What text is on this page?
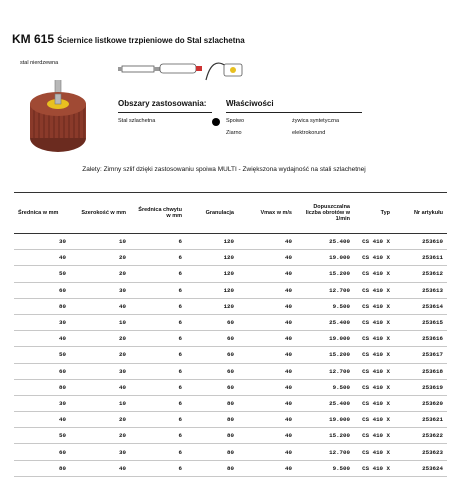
KM 615 Ściernice listkowe trzpieniowe do Stal szlachetna
stal nierdzewna
Obszary zastosowania:
Stal szlachetna
Właściwości
Spoiwo	żywica syntetyczna
Ziarno	elektrokorund
Zalety: Zimny szlif dzięki zastosowaniu spoiwa MULTI - Zwiększona wydajność na stali szlachetnej
Średnica w mm	Szerokość w mm	Średnica chwytu w mm	Granulacja	Vmax w m/s	Dopuszczalna liczba obrotów w 1/min	Typ	Nr artykułu
30	10	6	120	40	25.400	CS 410 X	253610
40	20	6	120	40	19.000	CS 410 X	253611
50	20	6	120	40	15.200	CS 410 X	253612
60	30	6	120	40	12.700	CS 410 X	253613
80	40	6	120	40	9.500	CS 410 X	253614
30	10	6	60	40	25.400	CS 410 X	253615
40	20	6	60	40	19.000	CS 410 X	253616
50	20	6	60	40	15.200	CS 410 X	253617
60	30	6	60	40	12.700	CS 410 X	253618
80	40	6	60	40	9.500	CS 410 X	253619
30	10	6	80	40	25.400	CS 410 X	253620
40	20	6	80	40	19.000	CS 410 X	253621
50	20	6	80	40	15.200	CS 410 X	253622
60	30	6	80	40	12.700	CS 410 X	253623
80	40	6	80	40	9.500	CS 410 X	253624
